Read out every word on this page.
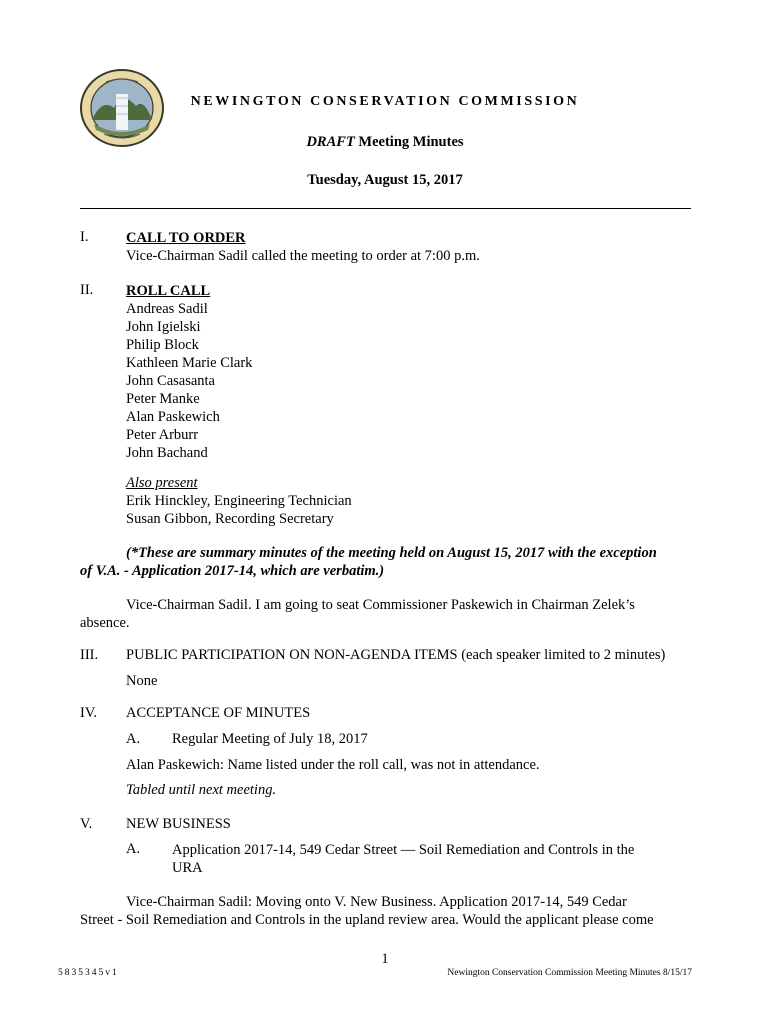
NEWINGTON CONSERVATION COMMISSION
DRAFT Meeting Minutes
Tuesday, August 15, 2017
I.	CALL TO ORDER
Vice-Chairman Sadil called the meeting to order at 7:00 p.m.
II. ROLL CALL
Andreas Sadil
John Igielski
Philip Block
Kathleen Marie Clark
John Casasanta
Peter Manke
Alan Paskewich
Peter Arburr
John Bachand
Also present
Erik Hinckley, Engineering Technician
Susan Gibbon, Recording Secretary
(*These are summary minutes of the meeting held on August 15, 2017 with the exception
of V.A. - Application 2017-14, which are verbatim.)
Vice-Chairman Sadil. I am going to seat Commissioner Paskewich in Chairman Zelek’s
absence.
III. PUBLIC PARTICIPATION ON NON-AGENDA ITEMS (each speaker limited to 2 minutes)
None
IV. ACCEPTANCE OF MINUTES
A. Regular Meeting of July 18, 2017
Alan Paskewich: Name listed under the roll call, was not in attendance.
Tabled until next meeting.
V. NEW BUSINESS
A. Application 2017-14, 549 Cedar Street — Soil Remediation and Controls in the
URA
Vice-Chairman Sadil: Moving onto V. New Business. Application 2017-14, 549 Cedar
Street - Soil Remediation and Controls in the upland review area. Would the applicant please come
1
5835345v1	Newington Conservation Commission Meeting Minutes 8/15/17
